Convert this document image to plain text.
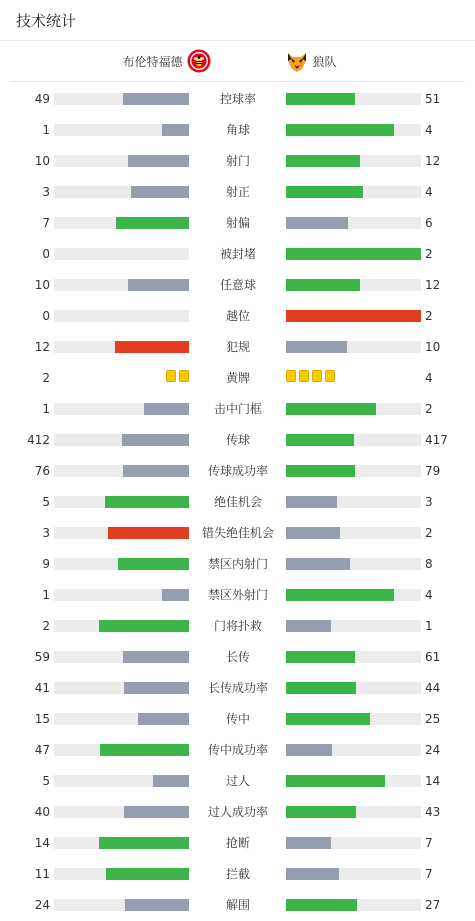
技术统计
布伦特福德	狼队
49	控球率	51
1	角球	4
10	射门	12
3	射正	4
7	射偏	6
0	被封堵	2
10	任意球	12
0	越位	2
12	犯规	10
2	黄牌	4
1	击中门框	2
412	传球	417
76	传球成功率	79
5	绝佳机会	3
3	错失绝佳机会	2
9	禁区内射门	8
1	禁区外射门	4
2	门将扑救	1
59	长传	61
41	长传成功率	44
15	传中	25
47	传中成功率	24
5	过人	14
40	过人成功率	43
14	抢断	7
11	拦截	7
24	解围	27
